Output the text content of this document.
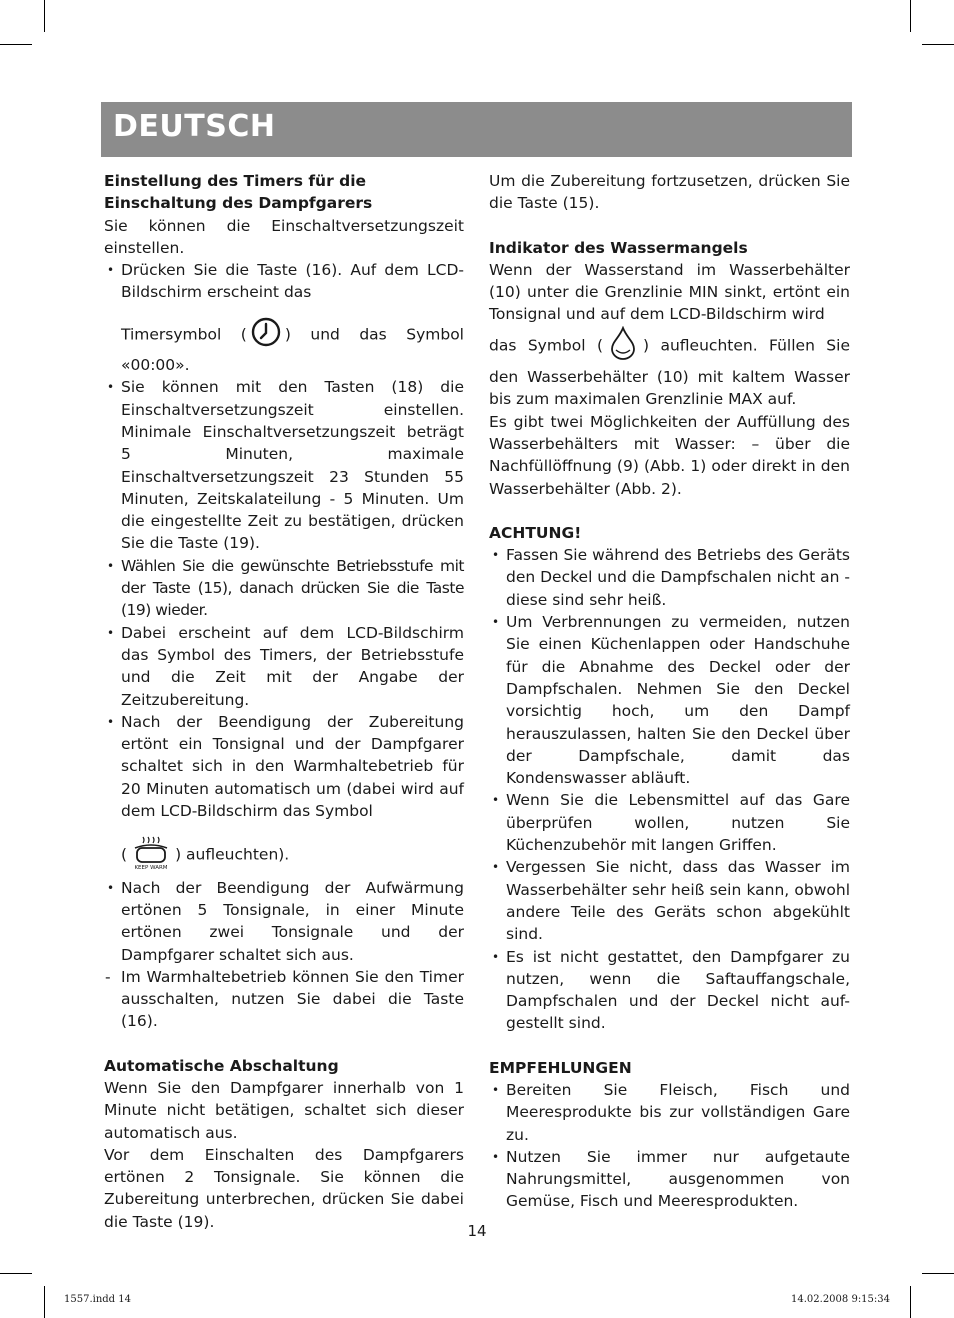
DEUTSCH
Einstellung des Timers für die
Einschaltung des Dampfgarers

Sie können die Einschaltversetzungszeit einstellen.

• Drücken Sie die Taste (16). Auf dem LCD-Bildschirm erscheint das
Timersymbol ( ) und das Symbol «00:00».
• Sie können mit den Tasten (18) die Einschaltversetzungszeit einstellen. Minimale Einschaltversetzungszeit beträgt 5 Minuten, maximale Einschaltversetzungszeit 23 Stunden 55 Minuten, Zeitskalateilung - 5 Minuten. Um die eingestellte Zeit zu bestätigen, drücken Sie die Taste (19).
• Wählen Sie die gewünschte Betriebsstufe mit der Taste (15), danach drücken Sie die Taste (19) wieder.
• Dabei erscheint auf dem LCD-Bildschirm das Symbol des Timers, der Betriebsstufe und die Zeit mit der Angabe der Zeitzubereitung.
• Nach der Beendigung der Zubereitung ertönt ein Tonsignal und der Dampfgarer schaltet sich in den Warmhaltebetrieb für 20 Minuten automatisch um (dabei wird auf dem LCD-Bildschirm das Symbol
(
KEEP WARM
) aufleuchten).
• Nach der Beendigung der Aufwärmung ertönen 5 Tonsignale, in einer Minute ertönen zwei Tonsignale und der Dampfgarer schaltet sich aus.
- Im Warmhaltebetrieb können Sie den Timer ausschalten, nutzen Sie dabei die Taste (16).
Automatische Abschaltung

Wenn Sie den Dampfgarer innerhalb von 1 Minute nicht betätigen, schaltet sich dieser automatisch aus.

Vor dem Einschalten des Dampfgarers ertönen 2 Tonsignale. Sie können die Zubereitung unterbrechen, drücken Sie dabei die Taste (19).

Um die Zubereitung fortzusetzen, drücken Sie die Taste (15).

Indikator des Wassermangels

Wenn der Wasserstand im Wasserbehälter (10) unter die Grenzlinie MIN sinkt, ertönt ein Tonsignal und auf dem LCD-Bildschirm wird

das Symbol (	) aufleuchten. Füllen Sie den Wasserbehälter (10) mit kaltem Wasser bis zum maximalen Grenzlinie MAX auf.

Es gibt twei Möglichkeiten der Auffüllung des Wasserbehälters mit Wasser: – über die Nachfüllöffnung (9) (Abb. 1) oder direkt in den Wasserbehälter (Abb. 2).

ACHTUNG!
• Fassen Sie während des Betriebs des Geräts den Deckel und die Dampfschalen nicht an - diese sind sehr heiß.
• Um Verbrennungen zu vermeiden, nutzen Sie einen Küchenlappen oder Handschuhe für die Abnahme des Deckel oder der Dampfschalen. Nehmen Sie den Deckel vorsichtig hoch, um den Dampf herauszulassen, halten Sie den Deckel über der Dampfschale, damit das Kondenswasser abläuft.
• Wenn Sie die Lebensmittel auf das Gare überprüfen wollen, nutzen Sie Küchenzubehör mit langen Griffen.
• Vergessen Sie nicht, dass das Wasser im Wasserbehälter sehr heiß sein kann, obwohl andere Teile des Geräts schon abgekühlt sind.
• Es ist nicht gestattet, den Dampfgarer zu nutzen, wenn die Saftauffangschale, Dampfschalen und der Deckel nicht auf-gestellt sind.
EMPFEHLUNGEN
• Bereiten Sie Fleisch, Fisch und Meeresprodukte bis zur vollständigen Gare zu.
• Nutzen Sie immer nur aufgetaute Nahrungsmittel, ausgenommen von Gemüse, Fisch und Meeresprodukten.
14
1557.indd 14	14.02.2008 9:15:34
